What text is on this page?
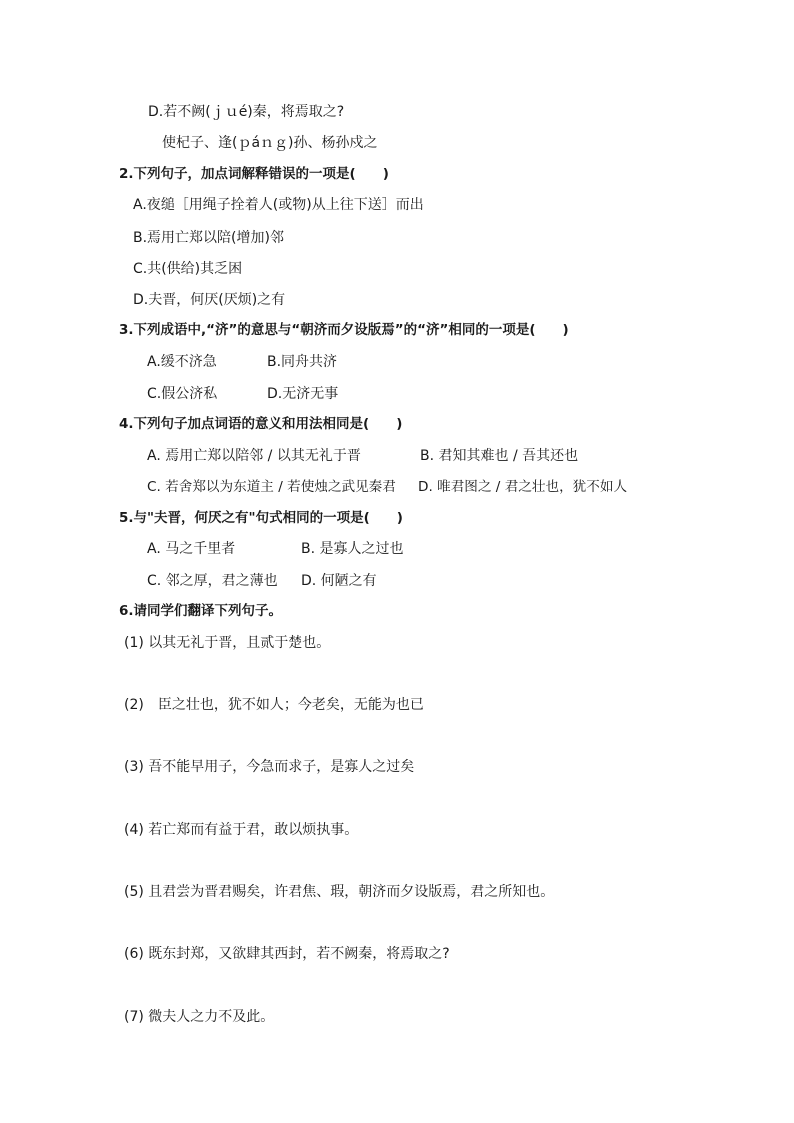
D.若不阙(ｊｕé)秦，将焉取之?
使杞子、逢(ｐáｎｇ)孙、杨孙戍之
2.下列句子，加点词解释错误的一项是(　　)
A.夜缒［用绳子拴着人(或物)从上往下送］而出
B.焉用亡郑以陪(增加)邻
C.共(供给)其乏困
D.夫晋，何厌(厌烦)之有
3.下列成语中,“济”的意思与“朝济而夕设版焉”的“济”相同的一项是(　　)

A.缓不济急

	B.同舟共济

C.假公济私

	D.无济无事

4.下列句子加点词语的意义和用法相同是(　　)

A. 焉用亡郑以陪邻 / 以其无礼于晋

	B. 君知其难也 / 吾其还也

C. 若舍郑以为东道主 / 若使烛之武见秦君

D. 唯君图之 / 君之壮也，犹不如人

5.与"夫晋，何厌之有"句式相同的一项是(　　)

A. 马之千里者

	B. 是寡人之过也

C. 邻之厚，君之薄也

D. 何陋之有

6.请同学们翻译下列句子。
(1) 以其无礼于晋，且贰于楚也。
(2)　臣之壮也，犹不如人；今老矣，无能为也已
(3) 吾不能早用子，今急而求子，是寡人之过矣
(4) 若亡郑而有益于君，敢以烦执事。
(5) 且君尝为晋君赐矣，许君焦、瑕，朝济而夕设版焉，君之所知也。
(6) 既东封郑，又欲肆其西封，若不阙秦，将焉取之?
(7) 微夫人之力不及此。
